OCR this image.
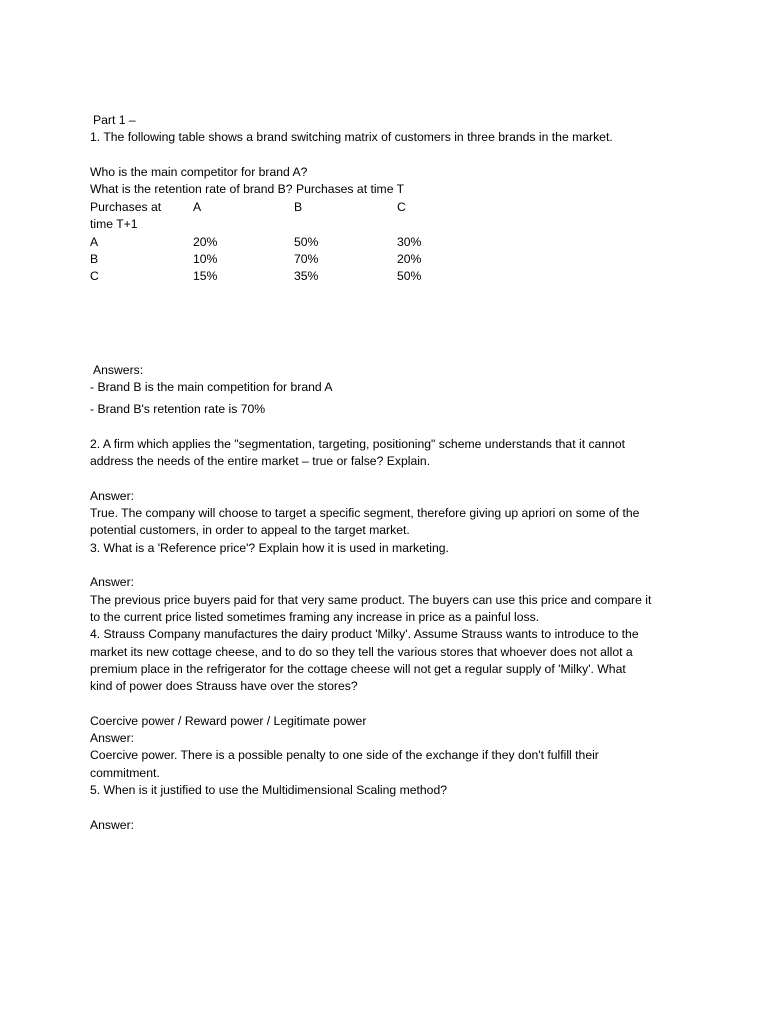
Part 1 –
1. The following table shows a brand switching matrix of customers in three brands in the market.
Who is the main competitor for brand A?
What is the retention rate of brand B? Purchases at time T
Purchases at	A	B	C
time T+1
A	20%	50%	30%
B	10%	70%	20%
C	15%	35%	50%
Answers:
- Brand B is the main competition for brand A
- Brand B's retention rate is 70%
2. A firm which applies the "segmentation, targeting, positioning" scheme understands that it cannot
address the needs of the entire market – true or false? Explain.
Answer:
True. The company will choose to target a specific segment, therefore giving up apriori on some of the
potential customers, in order to appeal to the target market.
3. What is a 'Reference price'? Explain how it is used in marketing.
Answer:
The previous price buyers paid for that very same product. The buyers can use this price and compare it
to the current price listed sometimes framing any increase in price as a painful loss.
4. Strauss Company manufactures the dairy product 'Milky'. Assume Strauss wants to introduce to the
market its new cottage cheese, and to do so they tell the various stores that whoever does not allot a
premium place in the refrigerator for the cottage cheese will not get a regular supply of 'Milky'. What
kind of power does Strauss have over the stores?
Coercive power / Reward power / Legitimate power
Answer:
Coercive power. There is a possible penalty to one side of the exchange if they don't fulfill their
commitment.
5. When is it justified to use the Multidimensional Scaling method?
Answer:
